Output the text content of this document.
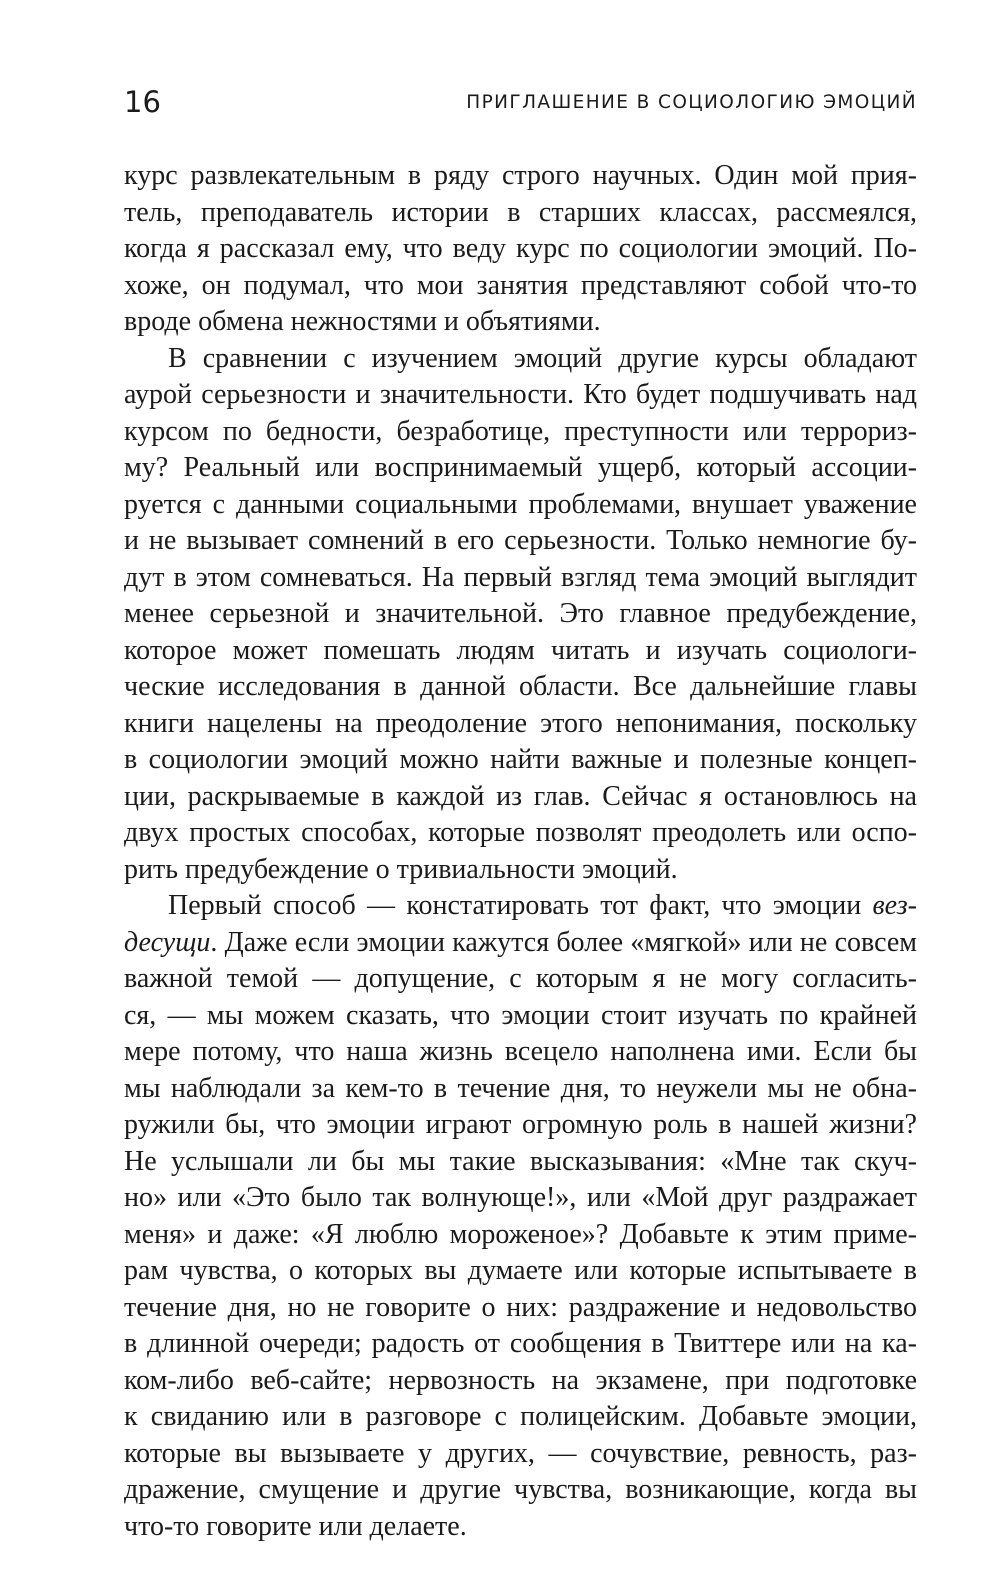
16	ПРИГЛАШЕНИЕ В СОЦИОЛОГИЮ ЭМОЦИЙ

курс развлекательным в ряду строго научных. Один мой прия-

тель, преподаватель истории в старших классах, рассмеялся,

когда я рассказал ему, что веду курс по социологии эмоций. По-

хоже, он подумал, что мои занятия представляют собой что-то

вроде обмена нежностями и объятиями.

В сравнении с изучением эмоций другие курсы обладают

аурой серьезности и значительности. Кто будет подшучивать над

курсом по бедности, безработице, преступности или террориз-

му? Реальный или воспринимаемый ущерб, который ассоции-

руется с данными социальными проблемами, внушает уважение

и не вызывает сомнений в его серьезности. Только немногие бу-

дут в этом сомневаться. На первый взгляд тема эмоций выглядит

менее серьезной и значительной. Это главное предубеждение,

которое может помешать людям читать и изучать социологи-

ческие исследования в данной области. Все дальнейшие главы

книги нацелены на преодоление этого непонимания, поскольку

в социологии эмоций можно найти важные и полезные концеп-

ции, раскрываемые в каждой из глав. Сейчас я остановлюсь на

двух простых способах, которые позволят преодолеть или оспо-

рить предубеждение о тривиальности эмоций.

Первый способ — констатировать тот факт, что эмоции вез-

десущи. Даже если эмоции кажутся более «мягкой» или не совсем

важной темой — допущение, с которым я не могу согласить-

ся, — мы можем сказать, что эмоции стоит изучать по крайней

мере потому, что наша жизнь всецело наполнена ими. Если бы

мы наблюдали за кем-то в течение дня, то неужели мы не обна-

ружили бы, что эмоции играют огромную роль в нашей жизни?

Не услышали ли бы мы такие высказывания: «Мне так скуч-

но» или «Это было так волнующе!», или «Мой друг раздражает

меня» и даже: «Я люблю мороженое»? Добавьте к этим приме-

рам чувства, о которых вы думаете или которые испытываете в

течение дня, но не говорите о них: раздражение и недовольство

в длинной очереди; радость от сообщения в Твиттере или на ка-

ком-либо веб-сайте; нервозность на экзамене, при подготовке

к свиданию или в разговоре с полицейским. Добавьте эмоции,

которые вы вызываете у других, — сочувствие, ревность, раз-

дражение, смущение и другие чувства, возникающие, когда вы

что-то говорите или делаете.
